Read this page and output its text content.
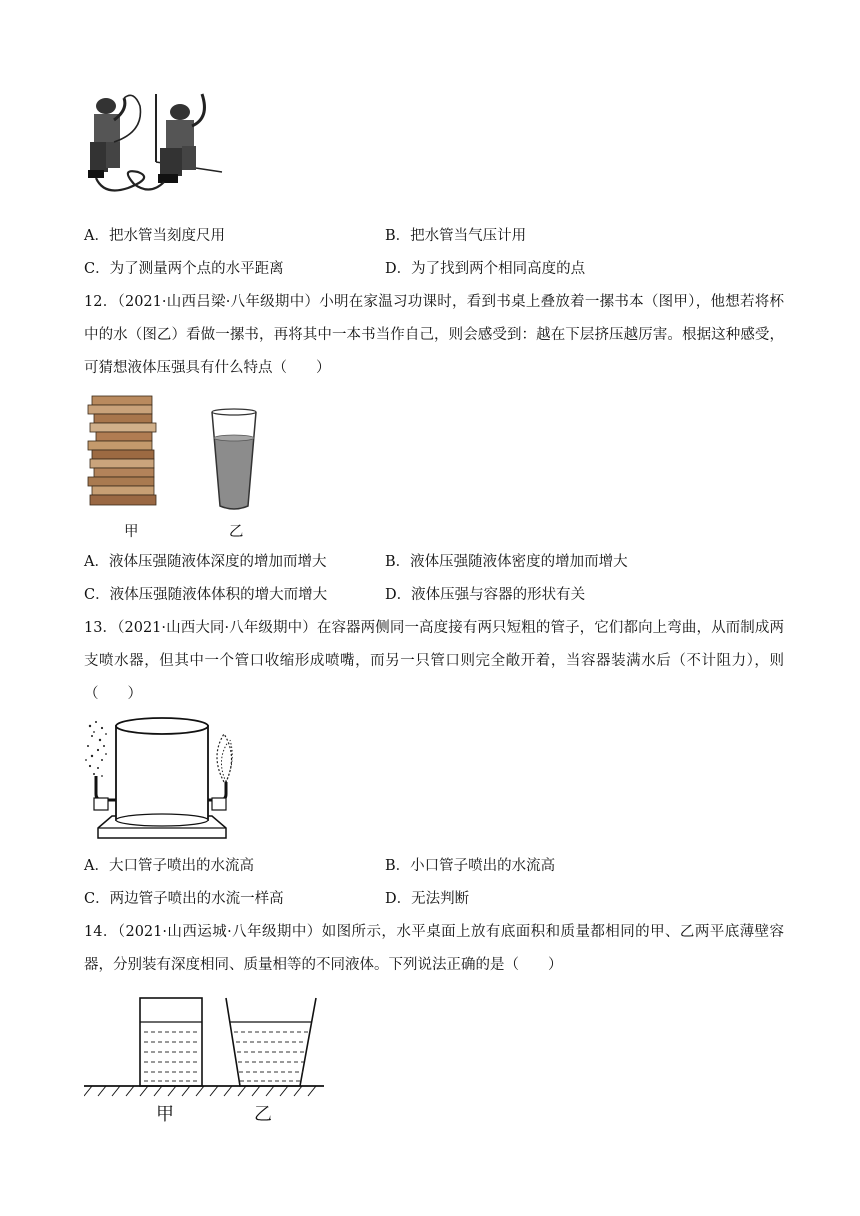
A．把水管当刻度尺用	B．把水管当气压计用
C．为了测量两个点的水平距离	D．为了找到两个相同高度的点
12．（2021·山西吕梁·八年级期中）小明在家温习功课时，看到书桌上叠放着一摞书本（图甲），他想若将杯中的水（图乙）看做一摞书，再将其中一本书当作自己，则会感受到：越在下层挤压越厉害。根据这种感受，可猜想液体压强具有什么特点（　　）
甲	乙
A．液体压强随液体深度的增加而增大	B．液体压强随液体密度的增加而增大
C．液体压强随液体体积的增大而增大	D．液体压强与容器的形状有关
13．（2021·山西大同·八年级期中）在容器两侧同一高度接有两只短粗的管子，它们都向上弯曲，从而制成两支喷水器，但其中一个管口收缩形成喷嘴，而另一只管口则完全敞开着，当容器装满水后（不计阻力），则（　　）
A．大口管子喷出的水流高	B．小口管子喷出的水流高
C．两边管子喷出的水流一样高	D．无法判断
14．（2021·山西运城·八年级期中）如图所示，水平桌面上放有底面积和质量都相同的甲、乙两平底薄壁容器，分别装有深度相同、质量相等的不同液体。下列说法正确的是（　　）
甲	乙
